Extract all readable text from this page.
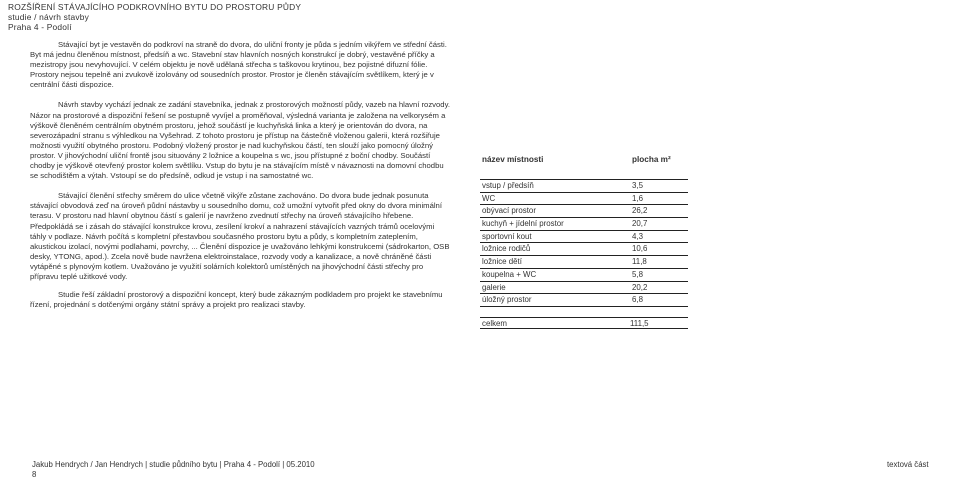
ROZŠÍŘENÍ STÁVAJÍCÍHO PODKROVNÍHO BYTU DO PROSTORU PŮDY
studie / návrh stavby
Praha 4 - Podolí

Stávající byt je vestavěn do podkroví na straně do dvora, do uliční fronty je půda s jedním vikýřem ve střední části. Byt má jednu členěnou místnost, předsíň a wc. Stavební stav hlavních nosných konstrukcí je dobrý, vestavěné příčky a mezistropy jsou nevyhovující. V celém objektu je nově udělaná střecha s taškovou krytinou, bez pojistné difuzní fólie. Prostory nejsou tepelně ani zvukově izolovány od sousedních prostor. Prostor je členěn stávajícím světlíkem, který je v centrální části dispozice.

Návrh stavby vychází jednak ze zadání stavebníka, jednak z prostorových možností půdy, vazeb na hlavní rozvody. Názor na prostorové a dispoziční řešení se postupně vyvíjel a proměňoval, výsledná varianta je založena na velkorysém a výškově členěném centrálním obytném prostoru, jehož součástí je kuchyňská linka a který je orientován do dvora, na severozápadní stranu s výhledkou na Vyšehrad. Z tohoto prostoru je přístup na částečně vloženou galerii, která rozšiřuje možnosti využití obytného prostoru. Podobný vložený prostor je nad kuchyňskou částí, ten slouží jako pomocný úložný prostor. V jihovýchodní uliční frontě jsou situovány 2 ložnice a koupelna s wc, jsou přístupné z boční chodby. Součástí chodby je výškově otevřený prostor kolem světlíku. Vstup do bytu je na stávajícím místě v návaznosti na domovní chodbu se schodištěm a výtah. Vstoupí se do předsíně, odkud je vstup i na samostatné wc.

Stávající členění střechy směrem do ulice včetně vikýře zůstane zachováno. Do dvora bude jednak posunuta stávající obvodová zeď na úroveň půdní nástavby u sousedního domu, což umožní vytvořit před okny do dvora minimální terasu. V prostoru nad hlavní obytnou částí s galerií je navrženo zvednutí střechy na úroveň stávajícího hřebene. Předpokládá se i zásah do stávající konstrukce krovu, zesílení krokví a nahrazení stávajících vazných trámů ocelovými táhly v podlaze. Návrh počítá s kompletní přestavbou současného prostoru bytu a půdy, s kompletním zateplením, akustickou izolací, novými podlahami, povrchy, ... Členění dispozice je uvažováno lehkými konstrukcemi (sádrokarton, OSB desky, YTONG, apod.). Zcela nově bude navržena elektroinstalace, rozvody vody a kanalizace, a nově chráněné části vytápěné s plynovým kotlem. Uvažováno je využití solárních kolektorů umístěných na jihovýchodní části střechy pro přípravu teplé užitkové vody.

Studie řeší základní prostorový a dispoziční koncept, který bude zákazným podkladem pro projekt ke stavebnímu řízení, projednání s dotčenými orgány státní správy a projekt pro realizaci stavby.

název místnosti	plocha m²
vstup / předsíň	3,5
WC	1,6
obývací prostor	26,2
kuchyň + jídelní prostor	20,7
sportovní kout	4,3
ložnice rodičů	10,6
ložnice dětí	11,8
koupelna + WC	5,8
galerie	20,2
úložný prostor	6,8
celkem	111,5
Jakub Hendrych / Jan Hendrych | studie půdního bytu | Praha 4 - Podolí | 05.2010	textová část
8
